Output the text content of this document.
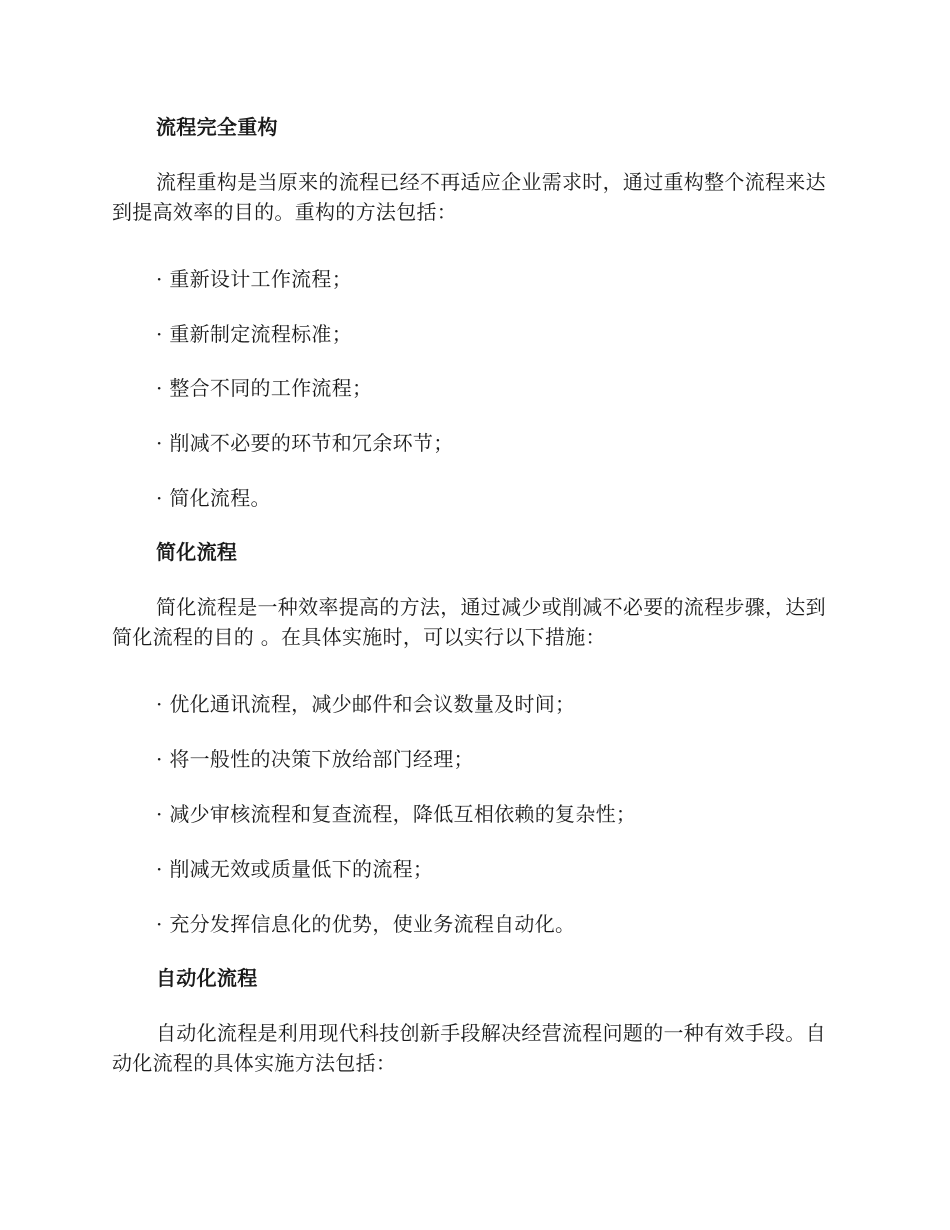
流程完全重构

流程重构是当原来的流程已经不再适应企业需求时，通过重构整个流程来达到提高效率的目的。重构的方法包括：

· 重新设计工作流程；

· 重新制定流程标准；

· 整合不同的工作流程；

· 削减不必要的环节和冗余环节；

· 简化流程。

简化流程

简化流程是一种效率提高的方法，通过减少或削减不必要的流程步骤，达到简化流程的目的 。在具体实施时，可以实行以下措施：

· 优化通讯流程，减少邮件和会议数量及时间；

· 将一般性的决策下放给部门经理；

· 减少审核流程和复查流程，降低互相依赖的复杂性；

· 削减无效或质量低下的流程；

· 充分发挥信息化的优势，使业务流程自动化。

自动化流程

自动化流程是利用现代科技创新手段解决经营流程问题的一种有效手段。自动化流程的具体实施方法包括：
